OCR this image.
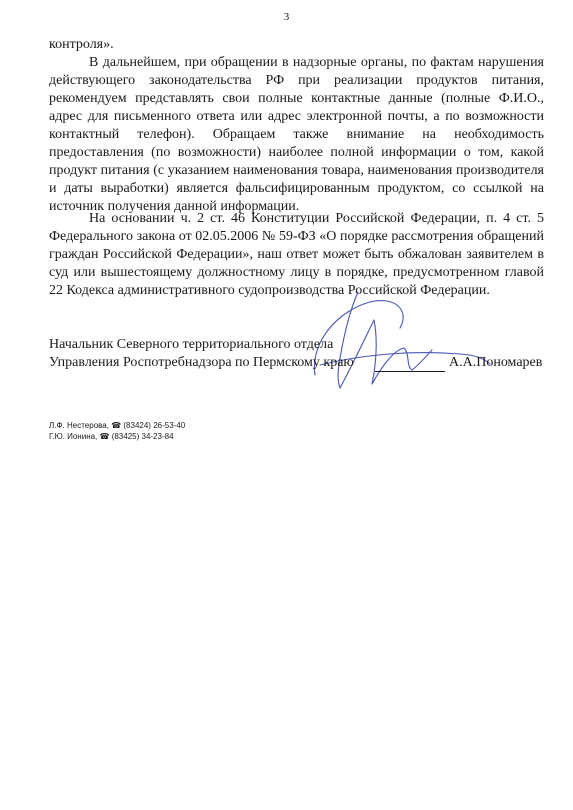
3

контроля».

В дальнейшем, при обращении в надзорные органы, по фактам нарушения действующего законодательства РФ при реализации продуктов питания, рекомендуем представлять свои полные контактные данные (полные Ф.И.О., адрес для письменного ответа или адрес электронной почты, а по возможности контактный телефон). Обращаем также внимание на необходимость предоставления (по возможности) наиболее полной информации о том, какой продукт питания (с указанием наименования товара, наименования производителя и даты выработки) является фальсифицированным продуктом, со ссылкой на источник получения данной информации.

На основании ч. 2 ст. 46 Конституции Российской Федерации, п. 4 ст. 5 Федерального закона от 02.05.2006 № 59-ФЗ «О порядке рассмотрения обращений граждан Российской Федерации», наш ответ может быть обжалован заявителем в суд или вышестоящему должностному лицу в порядке, предусмотренном главой 22 Кодекса административного судопроизводства Российской Федерации.

Начальник Северного территориального отдела
Управления Роспотребнадзора по Пермскому краю	А.А.Пономарев
Л.Ф. Нестерова, ☎ (83424) 26-53-40
Г.Ю. Ионина, ☎ (83425) 34-23-84
